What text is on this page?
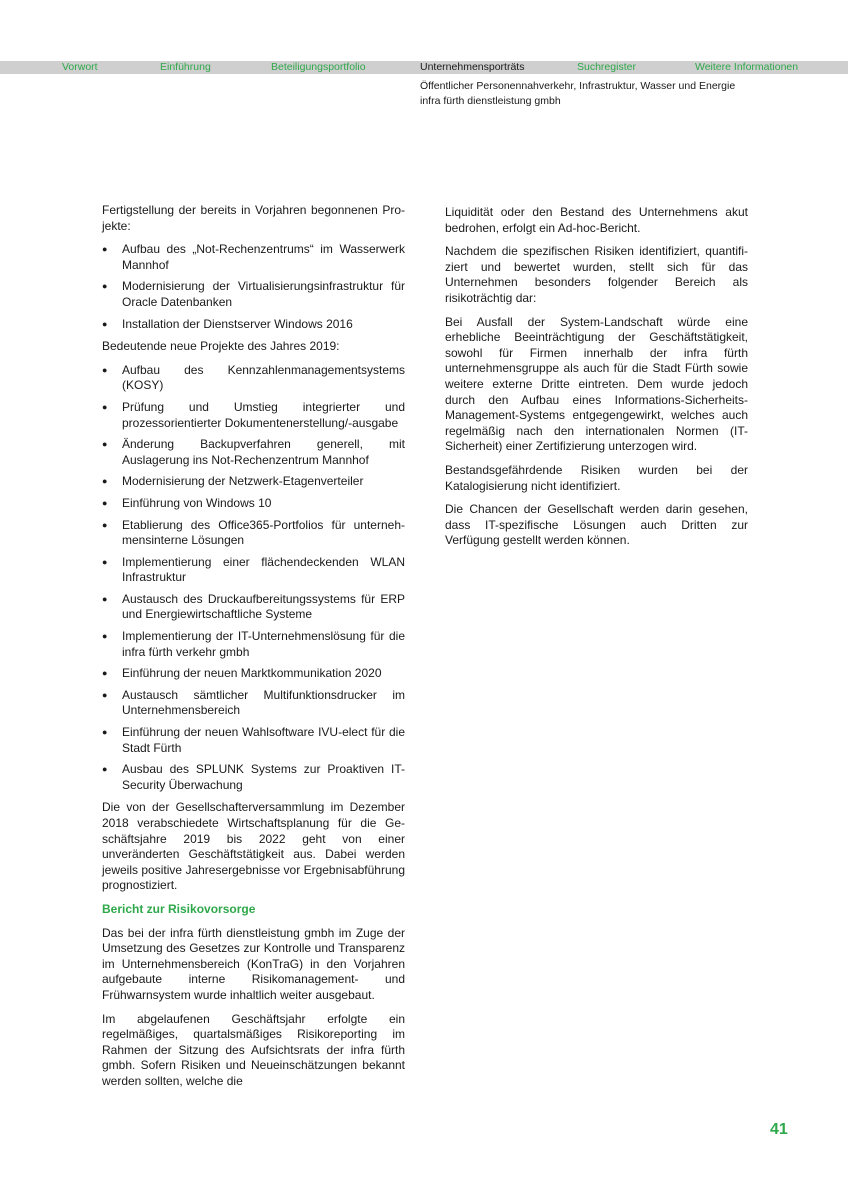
Vorwort	Einführung	Beteiligungsportfolio	Unternehmensporträts	Suchregister	Weitere Informationen
Öffentlicher Personennahverkehr, Infrastruktur, Wasser und Energie
infra fürth dienstleistung gmbh

Fertigstellung der bereits in Vorjahren begonnenen Projekte:

● Aufbau des „Not-Rechenzentrums“ im Wasserwerk Mannhof
● Modernisierung der Virtualisierungsinfrastruktur für Oracle Datenbanken
● Installation der Dienstserver Windows 2016

Bedeutende neue Projekte des Jahres 2019:

● Aufbau des Kennzahlenmanagementsystems (KOSY)
● Prüfung und Umstieg integrierter und prozessorientierter Dokumentenerstellung/-ausgabe
● Änderung Backupverfahren generell, mit Auslagerung ins Not-Rechenzentrum Mannhof
● Modernisierung der Netzwerk-Etagenverteiler
● Einführung von Windows 10
● Etablierung des Office365-Portfolios für unternehmensinterne Lösungen
● Implementierung einer flächendeckenden WLAN Infrastruktur
● Austausch des Druckaufbereitungssystems für ERP und Energiewirtschaftliche Systeme
● Implementierung der IT-Unternehmenslösung für die infra fürth verkehr gmbh
● Einführung der neuen Marktkommunikation 2020
● Austausch sämtlicher Multifunktionsdrucker im Unternehmensbereich
● Einführung der neuen Wahlsoftware IVU-elect für die Stadt Fürth
● Ausbau des SPLUNK Systems zur Proaktiven IT-Security Überwachung

Die von der Gesellschafterversammlung im Dezember 2018 verabschiedete Wirtschaftsplanung für die Geschäftsjahre 2019 bis 2022 geht von einer unveränderten Geschäftstätigkeit aus. Dabei werden jeweils positive Jahresergebnisse vor Ergebnisabführung prognostiziert.

Bericht zur Risikovorsorge

Das bei der infra fürth dienstleistung gmbh im Zuge der Umsetzung des Gesetzes zur Kontrolle und Transparenz im Unternehmensbereich (KonTraG) in den Vorjahren aufgebaute interne Risikomanagement- und Frühwarnsystem wurde inhaltlich weiter ausgebaut.

Im abgelaufenen Geschäftsjahr erfolgte ein regelmäßiges, quartalsmäßiges Risikoreporting im Rahmen der Sitzung des Aufsichtsrats der infra fürth gmbh. Sofern Risiken und Neueinschätzungen bekannt werden sollten, welche die

Liquidität oder den Bestand des Unternehmens akut bedrohen, erfolgt ein Ad-hoc-Bericht.

Nachdem die spezifischen Risiken identifiziert, quantifiziert und bewertet wurden, stellt sich für das Unternehmen besonders folgender Bereich als risikoträchtig dar:

Bei Ausfall der System-Landschaft würde eine erhebliche Beeinträchtigung der Geschäftstätigkeit, sowohl für Firmen innerhalb der infra fürth unternehmensgruppe als auch für die Stadt Fürth sowie weitere externe Dritte eintreten. Dem wurde jedoch durch den Aufbau eines Informations-Sicherheits-Management-Systems entgegengewirkt, welches auch regelmäßig nach den internationalen Normen (IT-Sicherheit) einer Zertifizierung unterzogen wird.

Bestandsgefährdende Risiken wurden bei der Katalogisierung nicht identifiziert.

Die Chancen der Gesellschaft werden darin gesehen, dass IT-spezifische Lösungen auch Dritten zur Verfügung gestellt werden können.

41
